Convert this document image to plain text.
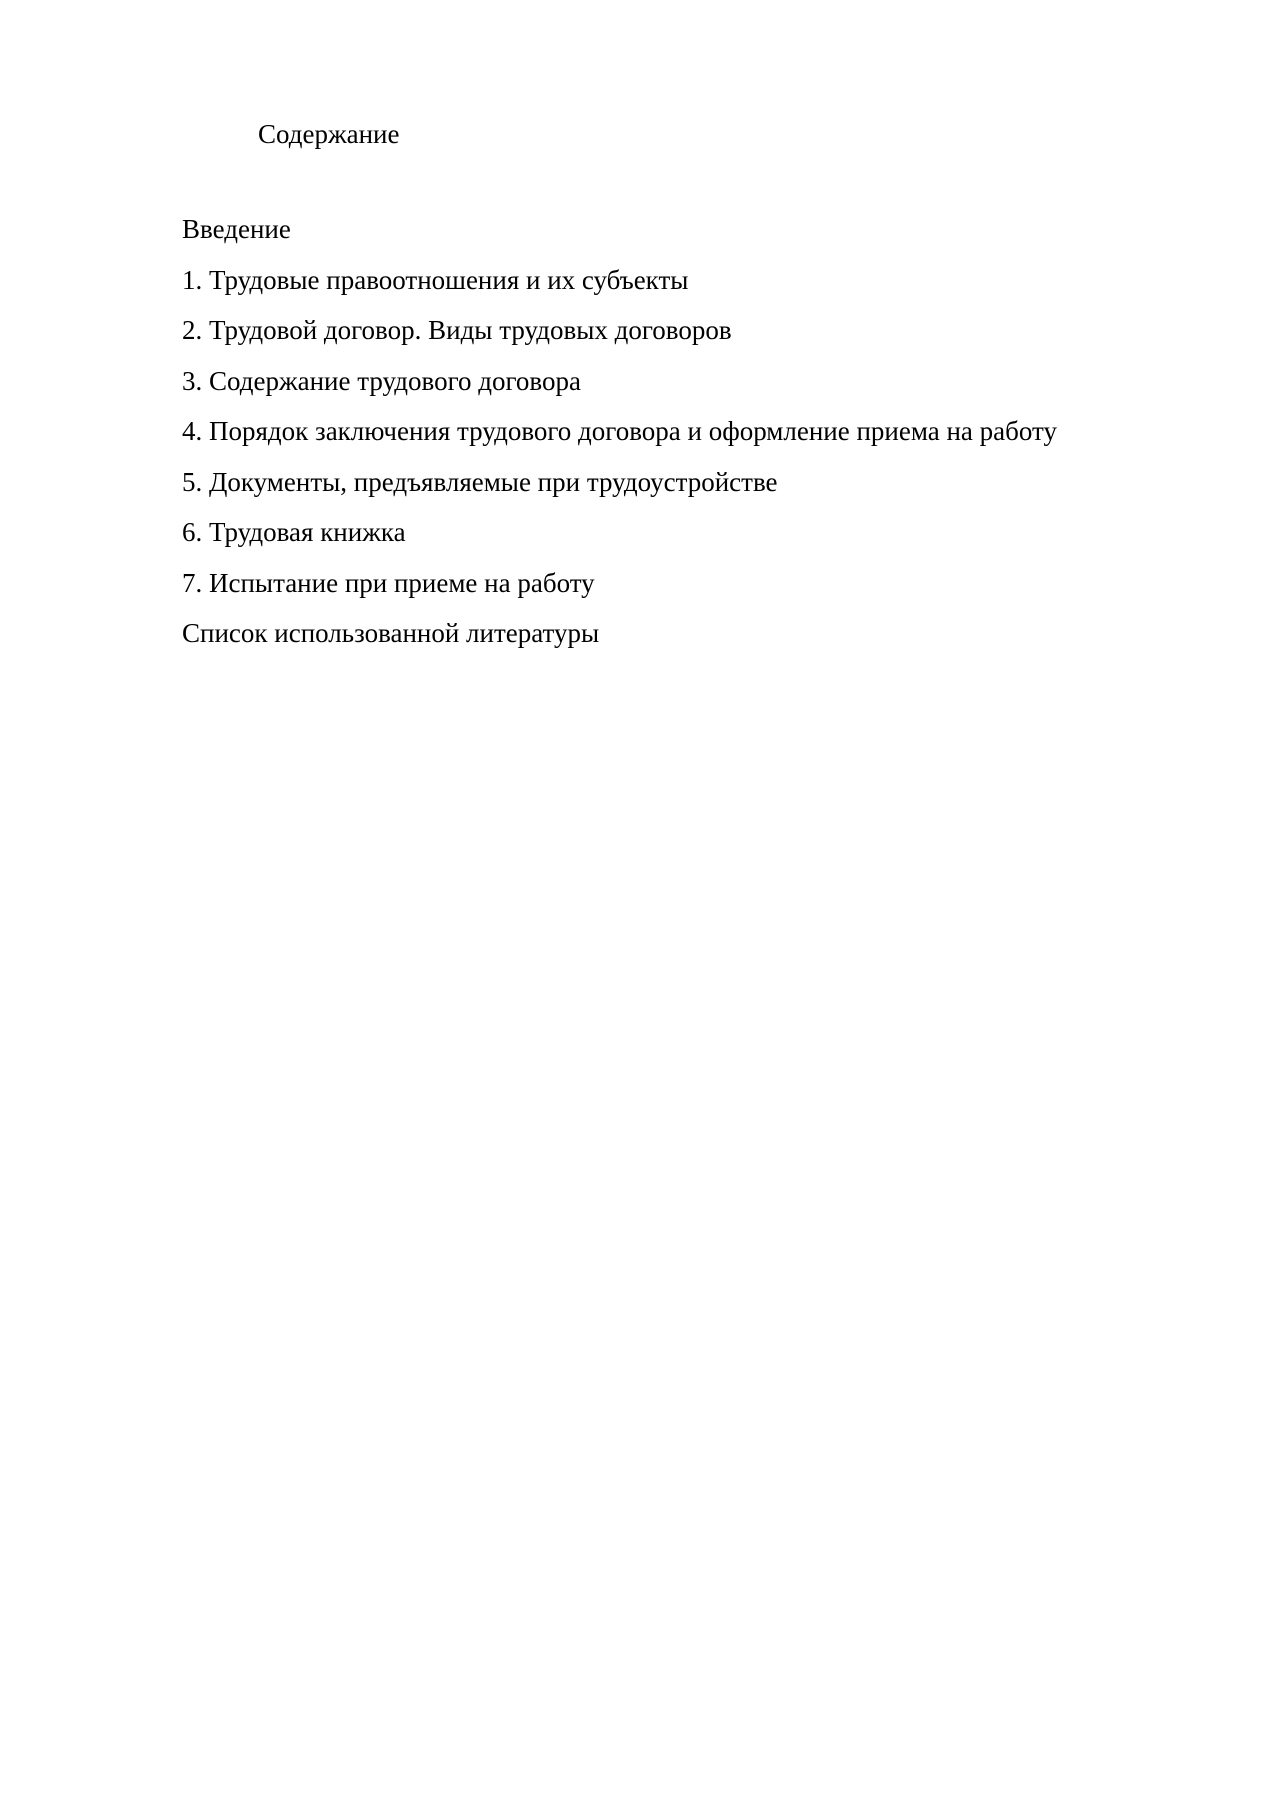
Содержание
Введение
1. Трудовые правоотношения и их субъекты
2. Трудовой договор. Виды трудовых договоров
3. Содержание трудового договора
4. Порядок заключения трудового договора и оформление приема на работу
5. Документы, предъявляемые при трудоустройстве
6. Трудовая книжка
7. Испытание при приеме на работу
Список использованной литературы
